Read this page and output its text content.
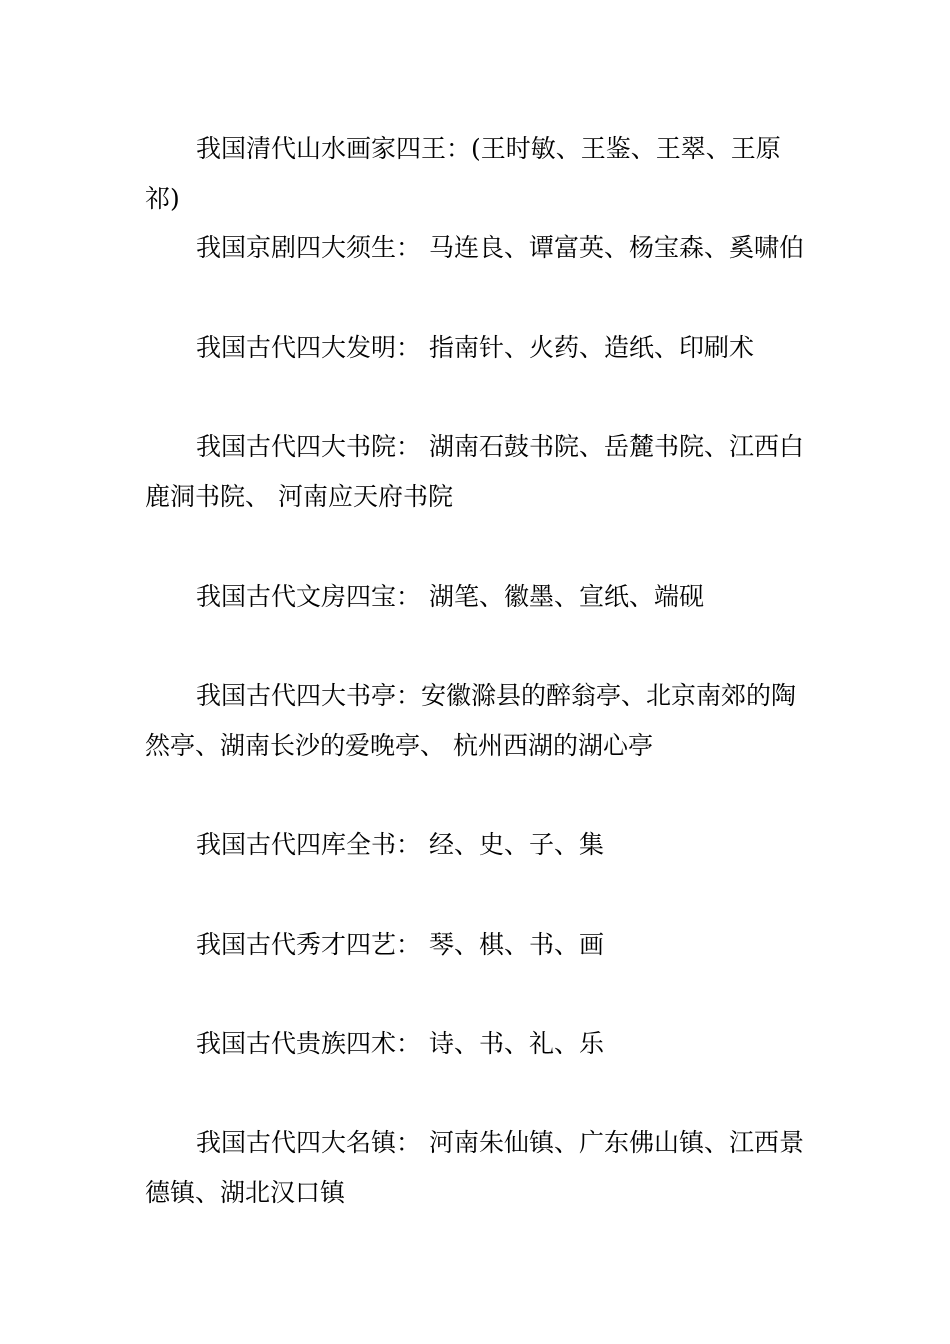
我国清代山水画家四王：(王时敏、王鉴、王翠、王原祁)

我国京剧四大须生： 马连良、谭富英、杨宝森、奚啸伯

我国古代四大发明： 指南针、火药、造纸、印刷术

我国古代四大书院： 湖南石鼓书院、岳麓书院、江西白鹿洞书院、 河南应天府书院

我国古代文房四宝： 湖笔、徽墨、宣纸、端砚

我国古代四大书亭：安徽滁县的醉翁亭、北京南郊的陶然亭、湖南长沙的爱晚亭、 杭州西湖的湖心亭

我国古代四库全书： 经、史、子、集

我国古代秀才四艺： 琴、棋、书、画

我国古代贵族四术： 诗、书、礼、乐

我国古代四大名镇： 河南朱仙镇、广东佛山镇、江西景德镇、湖北汉口镇
